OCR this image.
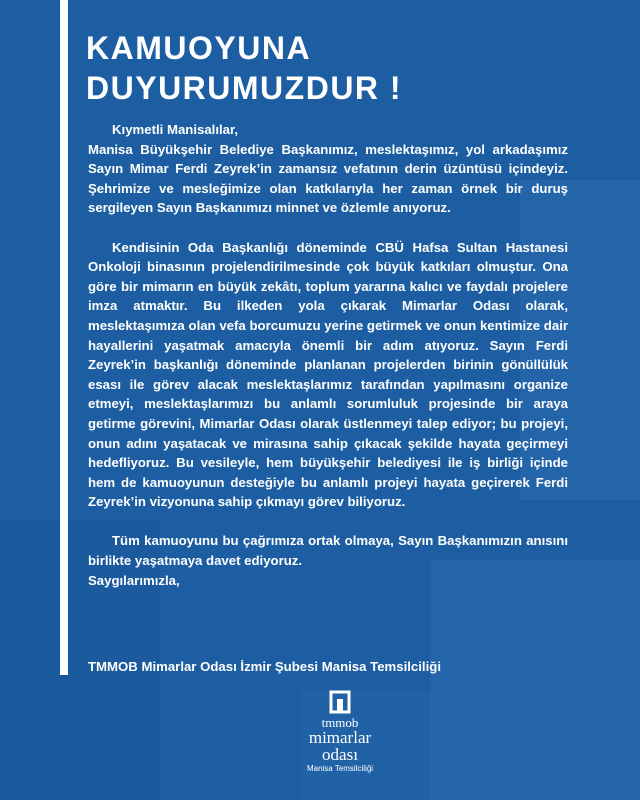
KAMUOYUNA
DUYURUMUZDUR !

Kıymetli Manisalılar,

Manisa Büyükşehir Belediye Başkanımız, meslektaşımız, yol arkadaşımız Sayın Mimar Ferdi Zeyrek’in zamansız vefatının derin üzüntüsü içindeyiz. Şehrimize ve mesleğimize olan katkılarıyla her zaman örnek bir duruş sergileyen Sayın Başkanımızı minnet ve özlemle anıyoruz.

Kendisinin Oda Başkanlığı döneminde CBÜ Hafsa Sultan Hastanesi Onkoloji binasının projelendirilmesinde çok büyük katkıları olmuştur. Ona göre bir mimarın en büyük zekâtı, toplum yararına kalıcı ve faydalı projelere imza atmaktır. Bu ilkeden yola çıkarak Mimarlar Odası olarak, meslektaşımıza olan vefa borcumuzu yerine getirmek ve onun kentimize dair hayallerini yaşatmak amacıyla önemli bir adım atıyoruz. Sayın Ferdi Zeyrek’in başkanlığı döneminde planlanan projelerden birinin gönüllülük esası ile görev alacak meslektaşlarımız tarafından yapılmasını organize etmeyi, meslektaşlarımızı bu anlamlı sorumluluk projesinde bir araya getirme görevini, Mimarlar Odası olarak üstlenmeyi talep ediyor; bu projeyi, onun adını yaşatacak ve mirasına sahip çıkacak şekilde hayata geçirmeyi hedefliyoruz. Bu vesileyle, hem büyükşehir belediyesi ile iş birliği içinde hem de kamuoyunun desteğiyle bu anlamlı projeyi hayata geçirerek Ferdi Zeyrek’in vizyonuna sahip çıkmayı görev biliyoruz.

Tüm kamuoyunu bu çağrımıza ortak olmaya, Sayın Başkanımızın anısını birlikte yaşatmaya davet ediyoruz.

Saygılarımızla,

TMMOB Mimarlar Odası İzmir Şubesi Manisa Temsilciliği

tmmob
mimarlar
odası
Manisa Temsilciliği
